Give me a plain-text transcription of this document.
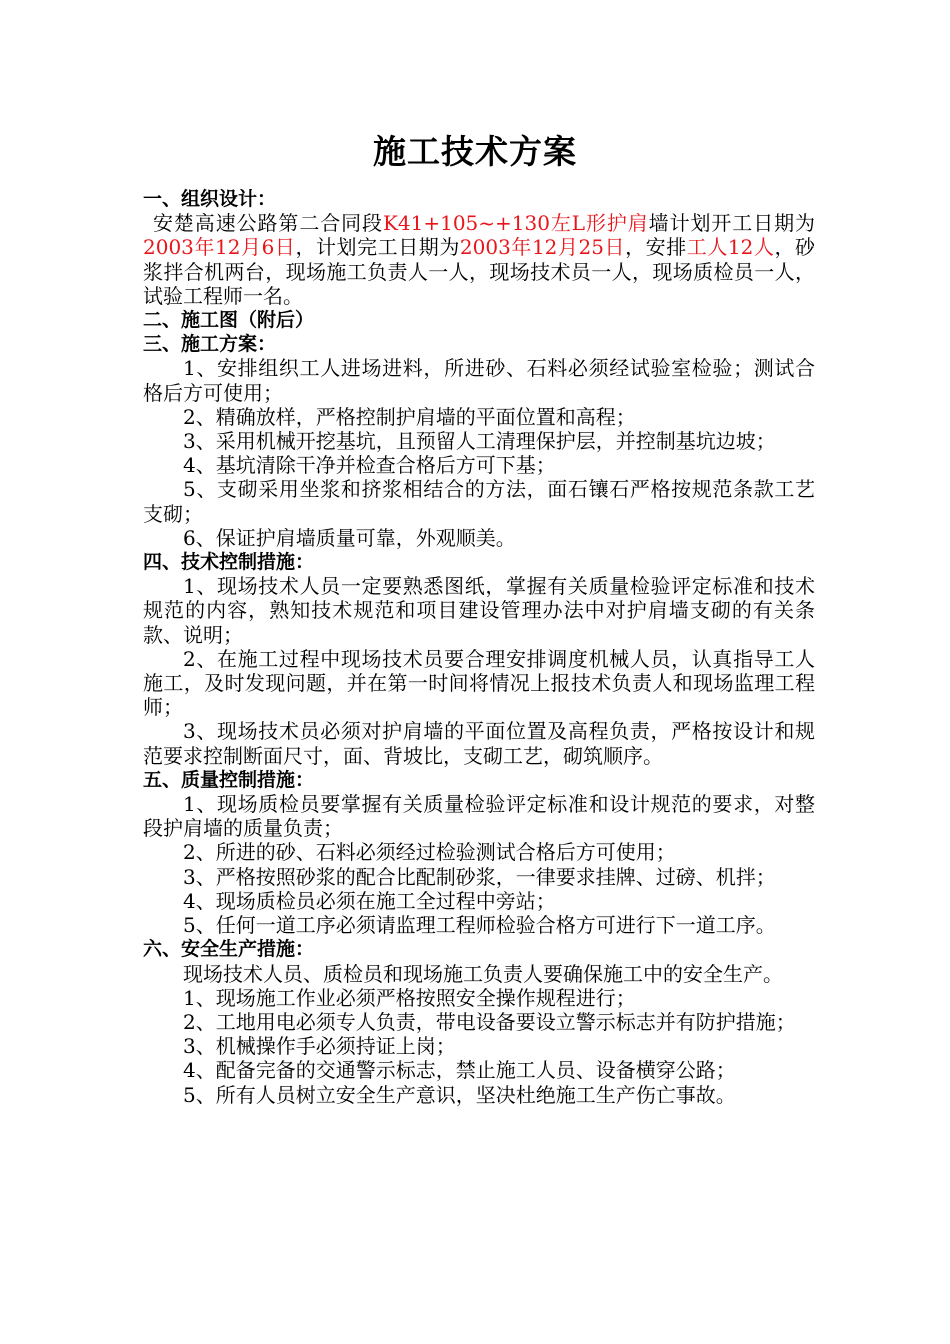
施工技术方案
一、组织设计：
安楚高速公路第二合同段K41+105~+130左L形护肩墙计划开工日期为2003年12月6日，计划完工日期为2003年12月25日，安排工人12人，砂浆拌合机两台，现场施工负责人一人，现场技术员一人，现场质检员一人，试验工程师一名。
二、施工图（附后）
三、施工方案：
1、安排组织工人进场进料，所进砂、石料必须经试验室检验；测试合格后方可使用；
2、精确放样，严格控制护肩墙的平面位置和高程；
3、采用机械开挖基坑，且预留人工清理保护层，并控制基坑边坡；
4、基坑清除干净并检查合格后方可下基；
5、支砌采用坐浆和挤浆相结合的方法，面石镶石严格按规范条款工艺支砌；
6、保证护肩墙质量可靠，外观顺美。
四、技术控制措施：
1、现场技术人员一定要熟悉图纸，掌握有关质量检验评定标准和技术规范的内容，熟知技术规范和项目建设管理办法中对护肩墙支砌的有关条款、说明；
2、在施工过程中现场技术员要合理安排调度机械人员，认真指导工人施工，及时发现问题，并在第一时间将情况上报技术负责人和现场监理工程师；
3、现场技术员必须对护肩墙的平面位置及高程负责，严格按设计和规范要求控制断面尺寸，面、背坡比，支砌工艺，砌筑顺序。
五、质量控制措施：
1、现场质检员要掌握有关质量检验评定标准和设计规范的要求，对整段护肩墙的质量负责；
2、所进的砂、石料必须经过检验测试合格后方可使用；
3、严格按照砂浆的配合比配制砂浆，一律要求挂牌、过磅、机拌；
4、现场质检员必须在施工全过程中旁站；
5、任何一道工序必须请监理工程师检验合格方可进行下一道工序。
六、安全生产措施：
现场技术人员、质检员和现场施工负责人要确保施工中的安全生产。
1、现场施工作业必须严格按照安全操作规程进行；
2、工地用电必须专人负责，带电设备要设立警示标志并有防护措施；
3、机械操作手必须持证上岗；
4、配备完备的交通警示标志，禁止施工人员、设备横穿公路；
5、所有人员树立安全生产意识，坚决杜绝施工生产伤亡事故。
